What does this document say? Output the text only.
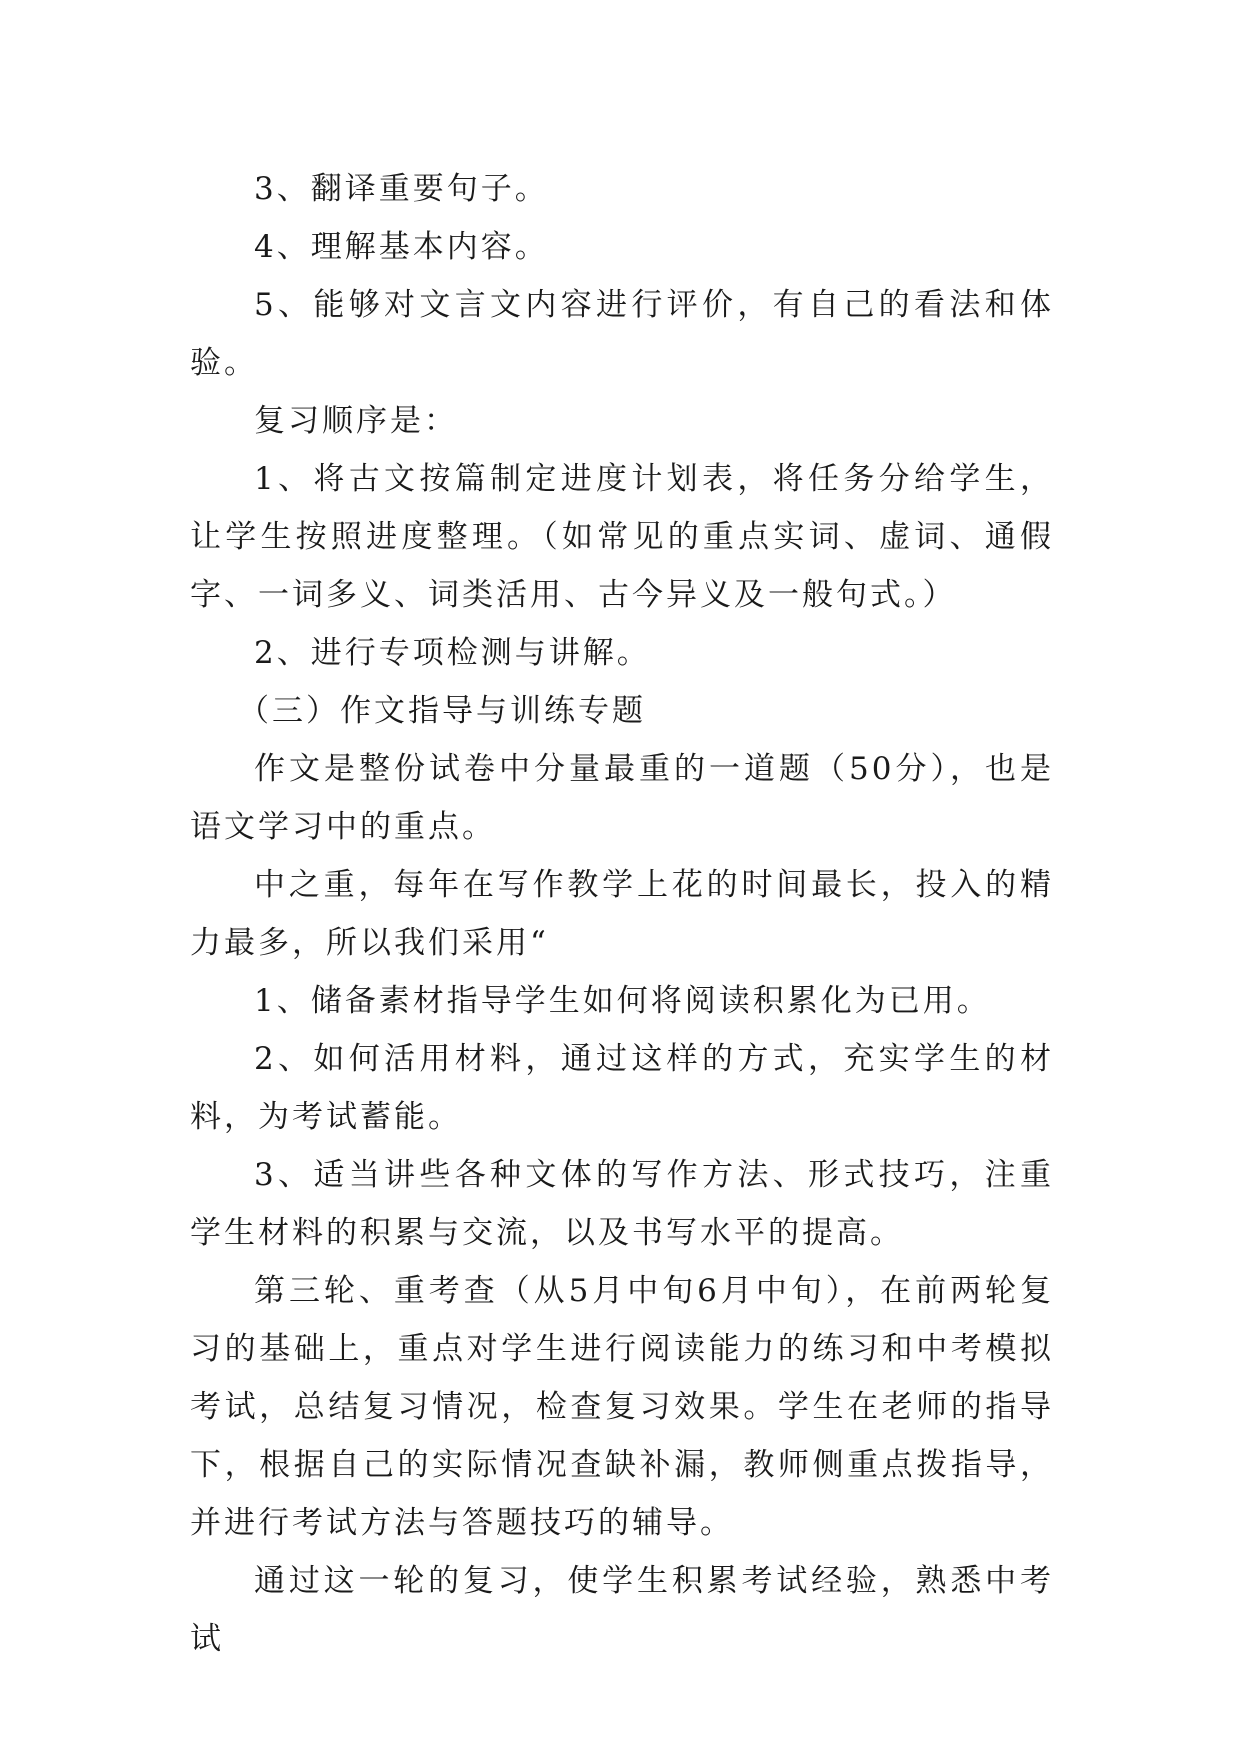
3、翻译重要句子。

4、理解基本内容。

5、能够对文言文内容进行评价，有自己的看法和体验。

复习顺序是：

1、将古文按篇制定进度计划表，将任务分给学生，让学生按照进度整理。（如常见的重点实词、虚词、通假字、一词多义、词类活用、古今异义及一般句式。）

2、进行专项检测与讲解。

（三）作文指导与训练专题

作文是整份试卷中分量最重的一道题（50分），也是语文学习中的重点。

中之重，每年在写作教学上花的时间最长，投入的精力最多，所以我们采用“

1、储备素材指导学生如何将阅读积累化为已用。

2、如何活用材料，通过这样的方式，充实学生的材料，为考试蓄能。

3、适当讲些各种文体的写作方法、形式技巧，注重学生材料的积累与交流，以及书写水平的提高。

第三轮、重考查（从5月中旬6月中旬），在前两轮复习的基础上，重点对学生进行阅读能力的练习和中考模拟考试，总结复习情况，检查复习效果。学生在老师的指导下，根据自己的实际情况查缺补漏，教师侧重点拨指导，并进行考试方法与答题技巧的辅导。

通过这一轮的复习，使学生积累考试经验，熟悉中考试
